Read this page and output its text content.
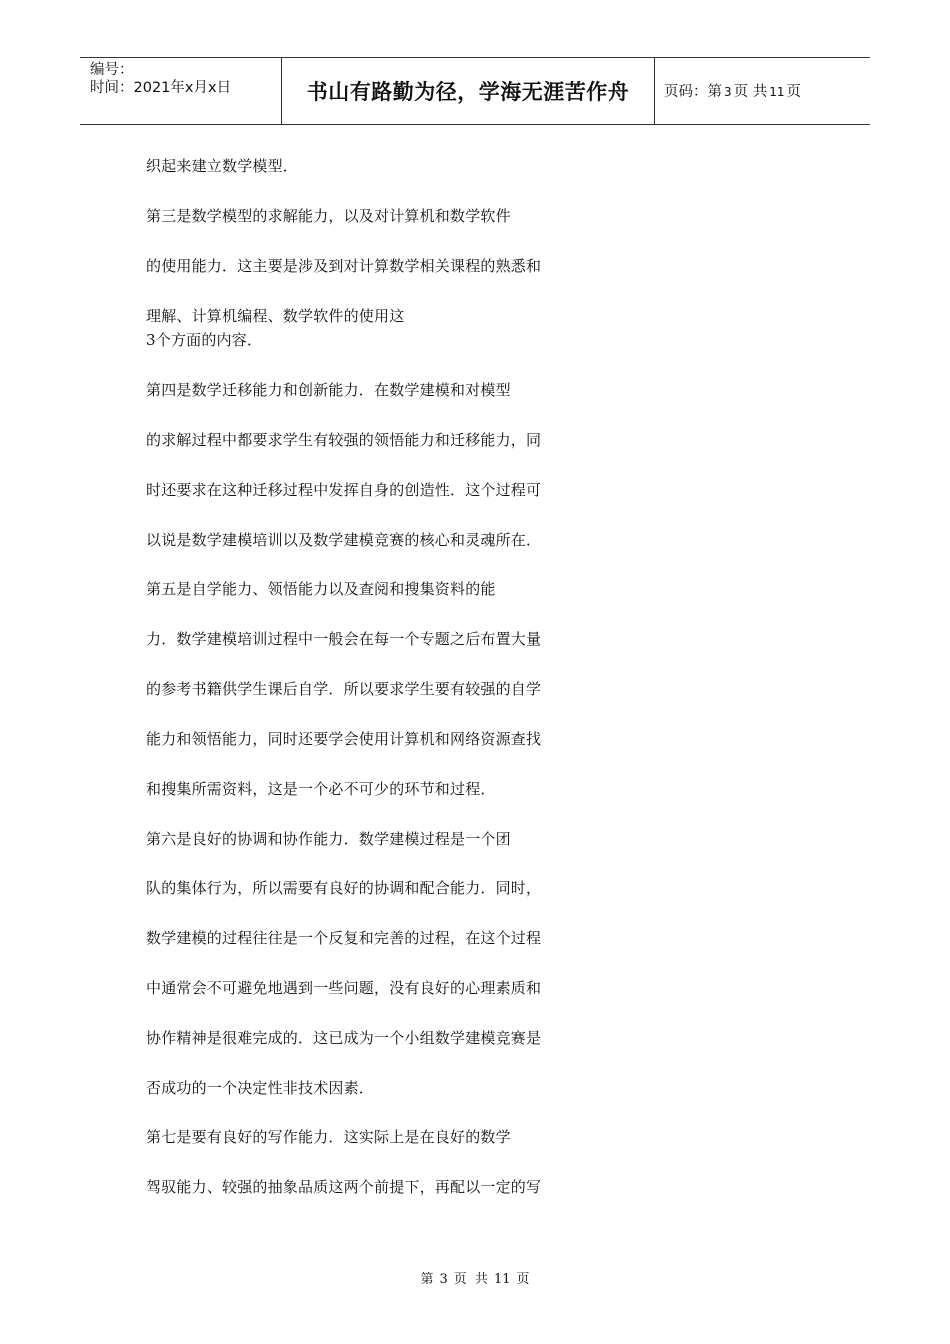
编号：
时间：2021年x月x日	书山有路勤为径，学海无涯苦作舟	页码：第 3 页 共 11 页
织起来建立数学模型．
第三是数学模型的求解能力，以及对计算机和数学软件
的使用能力．这主要是涉及到对计算数学相关课程的熟悉和
理解、计算机编程、数学软件的使用这
3个方面的内容．
第四是数学迁移能力和创新能力．在数学建模和对模型
的求解过程中都要求学生有较强的领悟能力和迁移能力，同
时还要求在这种迁移过程中发挥自身的创造性．这个过程可
以说是数学建模培训以及数学建模竞赛的核心和灵魂所在．
第五是自学能力、领悟能力以及查阅和搜集资料的能
力．数学建模培训过程中一般会在每一个专题之后布置大量
的参考书籍供学生课后自学．所以要求学生要有较强的自学
能力和领悟能力，同时还要学会使用计算机和网络资源查找
和搜集所需资料，这是一个必不可少的环节和过程．
第六是良好的协调和协作能力．数学建模过程是一个团
队的集体行为，所以需要有良好的协调和配合能力．同时，
数学建模的过程往往是一个反复和完善的过程，在这个过程
中通常会不可避免地遇到一些问题，没有良好的心理素质和
协作精神是很难完成的．这已成为一个小组数学建模竞赛是
否成功的一个决定性非技术因素．
第七是要有良好的写作能力．这实际上是在良好的数学
驾驭能力、较强的抽象品质这两个前提下，再配以一定的写
第 3 页 共 11 页
